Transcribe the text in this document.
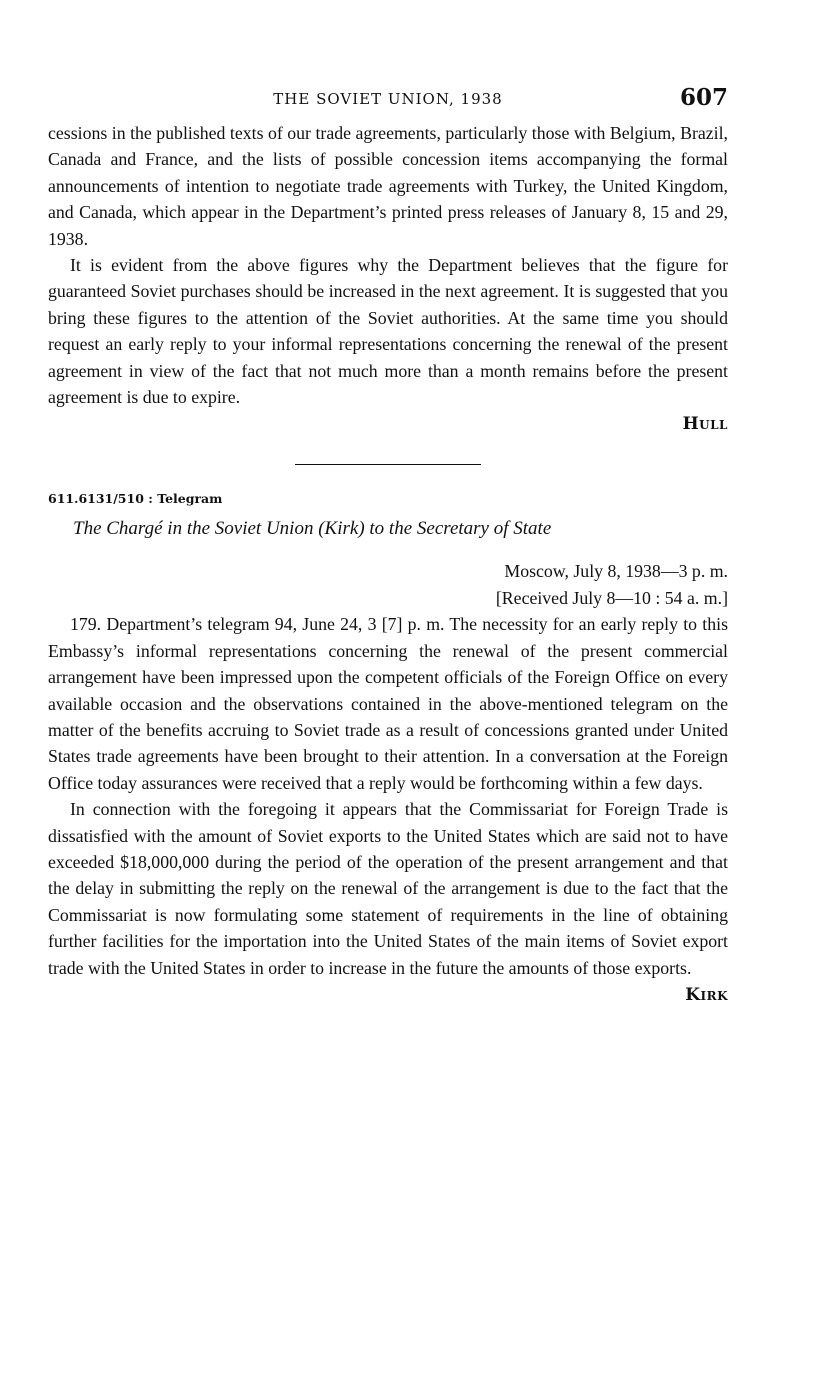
THE SOVIET UNION, 1938	607

cessions in the published texts of our trade agreements, particularly those with Belgium, Brazil, Canada and France, and the lists of possible concession items accompanying the formal announcements of intention to negotiate trade agreements with Turkey, the United Kingdom, and Canada, which appear in the Department’s printed press releases of January 8, 15 and 29, 1938.

It is evident from the above figures why the Department believes that the figure for guaranteed Soviet purchases should be increased in the next agreement. It is suggested that you bring these figures to the attention of the Soviet authorities. At the same time you should request an early reply to your informal representations concerning the renewal of the present agreement in view of the fact that not much more than a month remains before the present agreement is due to expire.

Hull

611.6131/510 : Telegram

The Chargé in the Soviet Union (Kirk) to the Secretary of State

Moscow, July 8, 1938—3 p. m.
[Received July 8—10 : 54 a. m.]

179. Department’s telegram 94, June 24, 3 [7] p. m. The necessity for an early reply to this Embassy’s informal representations concerning the renewal of the present commercial arrangement have been impressed upon the competent officials of the Foreign Office on every available occasion and the observations contained in the above-mentioned telegram on the matter of the benefits accruing to Soviet trade as a result of concessions granted under United States trade agreements have been brought to their attention. In a conversation at the Foreign Office today assurances were received that a reply would be forthcoming within a few days.

In connection with the foregoing it appears that the Commissariat for Foreign Trade is dissatisfied with the amount of Soviet exports to the United States which are said not to have exceeded $18,000,000 during the period of the operation of the present arrangement and that the delay in submitting the reply on the renewal of the arrangement is due to the fact that the Commissariat is now formulating some statement of requirements in the line of obtaining further facilities for the importation into the United States of the main items of Soviet export trade with the United States in order to increase in the future the amounts of those exports.

Kirk
